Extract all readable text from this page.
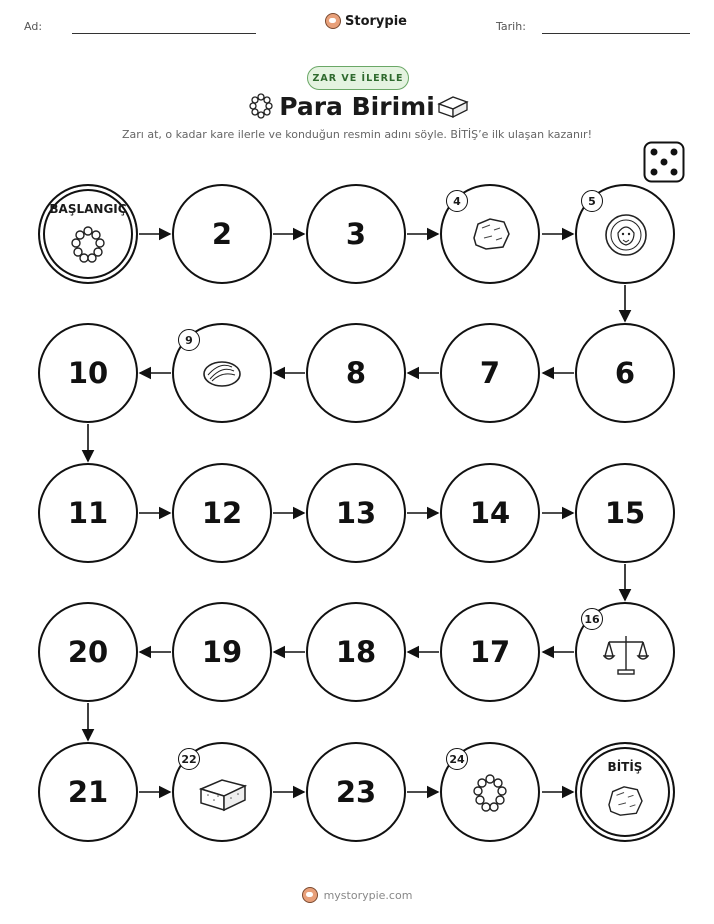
Ad:	Storypie	Tarih:
ZAR VE İLERLE
Para Birimi
Zarı at, o kadar kare ilerle ve konduğun resmin adını söyle. BİTİŞ’e ilk ulaşan kazanır!
BAŞLANGIÇ
2	3
4	5
6
7
8
9
10
11	12	13	14	15
16
17
18
19
20
21
22
23
24
BİTİŞ
mystorypie.com
